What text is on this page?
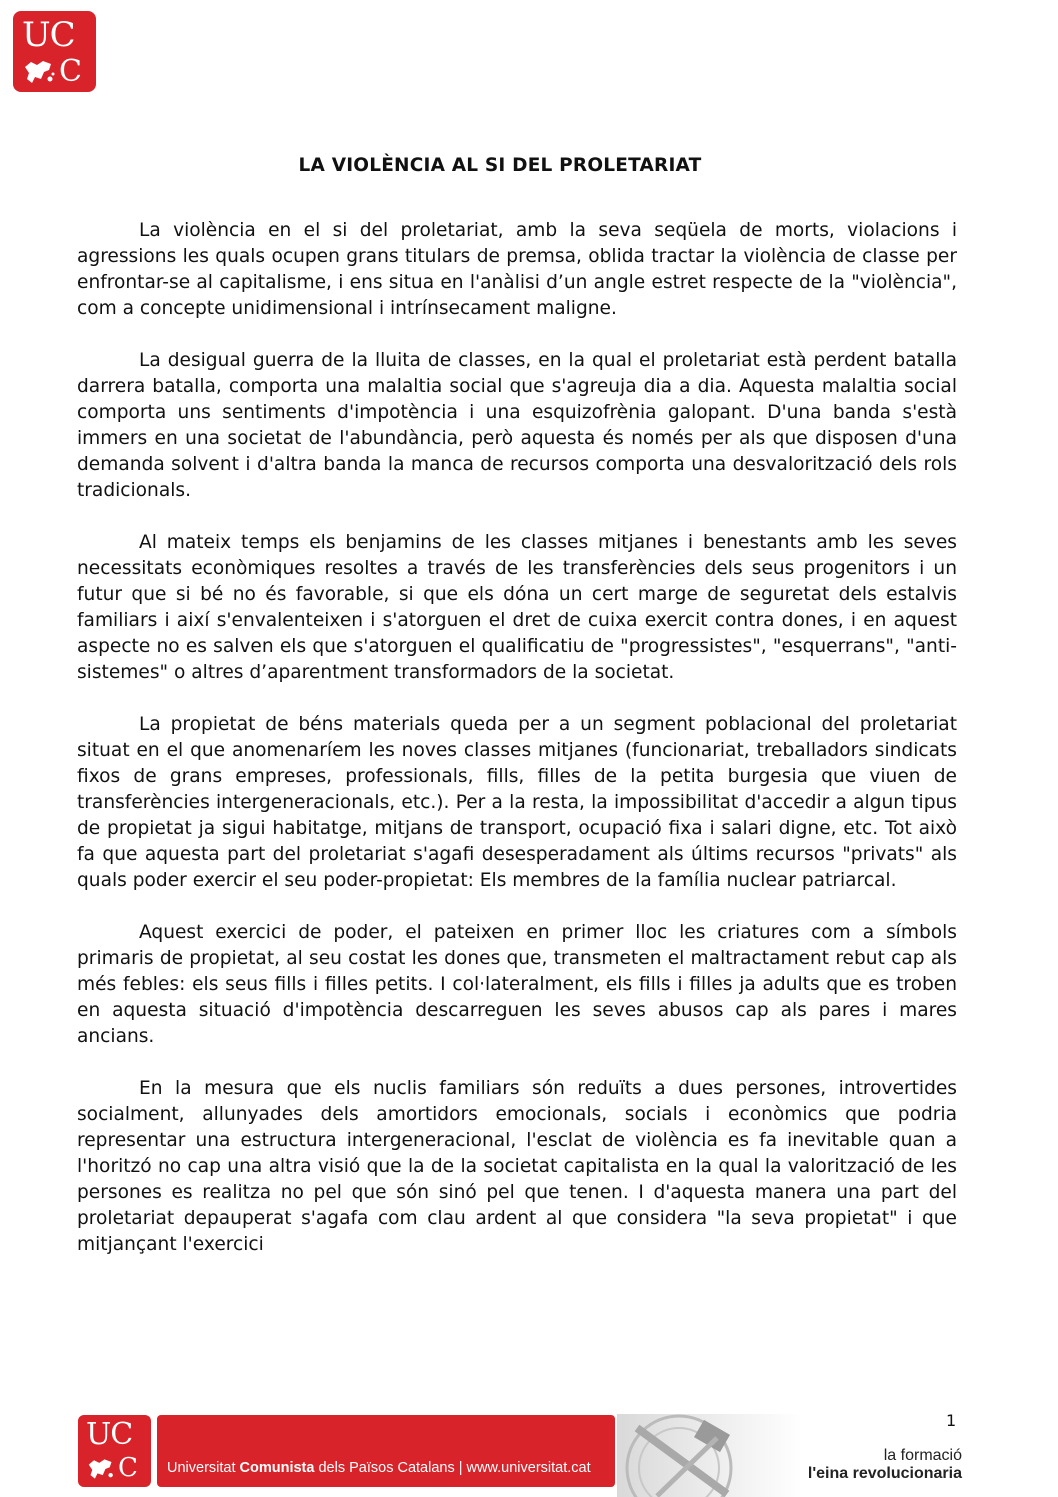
UC
C
LA VIOLÈNCIA AL SI DEL PROLETARIAT

La violència en el si del proletariat, amb la seva seqüela de morts, violacions i agressions les quals ocupen grans titulars de premsa, oblida tractar la violència de classe per enfrontar-se al capitalisme, i ens situa en l'anàlisi d’un angle estret respecte de la "violència", com a concepte unidimensional i intrínsecament maligne.

La desigual guerra de la lluita de classes, en la qual el proletariat està perdent batalla darrera batalla, comporta una malaltia social que s'agreuja dia a dia. Aquesta malaltia social comporta uns sentiments d'impotència i una esquizofrènia galopant. D'una banda s'està immers en una societat de l'abundància, però aquesta és només per als que disposen d'una demanda solvent i d'altra banda la manca de recursos comporta una desvalorització dels rols tradicionals.

Al mateix temps els benjamins de les classes mitjanes i benestants amb les seves necessitats econòmiques resoltes a través de les transferències dels seus progenitors i un futur que si bé no és favorable, si que els dóna un cert marge de seguretat dels estalvis familiars i així s'envalenteixen i s'atorguen el dret de cuixa exercit contra dones, i en aquest aspecte no es salven els que s'atorguen el qualificatiu de "progressistes", "esquerrans", "anti-sistemes" o altres d’aparentment transformadors de la societat.

La propietat de béns materials queda per a un segment poblacional del proletariat situat en el que anomenaríem les noves classes mitjanes (funcionariat, treballadors sindicats fixos de grans empreses, professionals, fills, filles de la petita burgesia que viuen de transferències intergeneracionals, etc.). Per a la resta, la impossibilitat d'accedir a algun tipus de propietat ja sigui habitatge, mitjans de transport, ocupació fixa i salari digne, etc. Tot això fa que aquesta part del proletariat s'agafi desesperadament als últims recursos "privats" als quals poder exercir el seu poder-propietat: Els membres de la família nuclear patriarcal.

Aquest exercici de poder, el pateixen en primer lloc les criatures com a símbols primaris de propietat, al seu costat les dones que, transmeten el maltractament rebut cap als més febles: els seus fills i filles petits. I col·lateralment, els fills i filles ja adults que es troben en aquesta situació d'impotència descarreguen les seves abusos cap als pares i mares ancians.

En la mesura que els nuclis familiars són reduïts a dues persones, introvertides socialment, allunyades dels amortidors emocionals, socials i econòmics que podria representar una estructura intergeneracional, l'esclat de violència es fa inevitable quan a l'horitzó no cap una altra visió que la de la societat capitalista en la qual la valorització de les persones es realitza no pel que són sinó pel que tenen. I d'aquesta manera una part del proletariat depauperat s'agafa com clau ardent al que considera "la seva propietat" i que mitjançant l'exercici

1
UC
C Universitat Comunista dels Països Catalans | www.universitat.cat
la formació
l'eina revolucionaria
